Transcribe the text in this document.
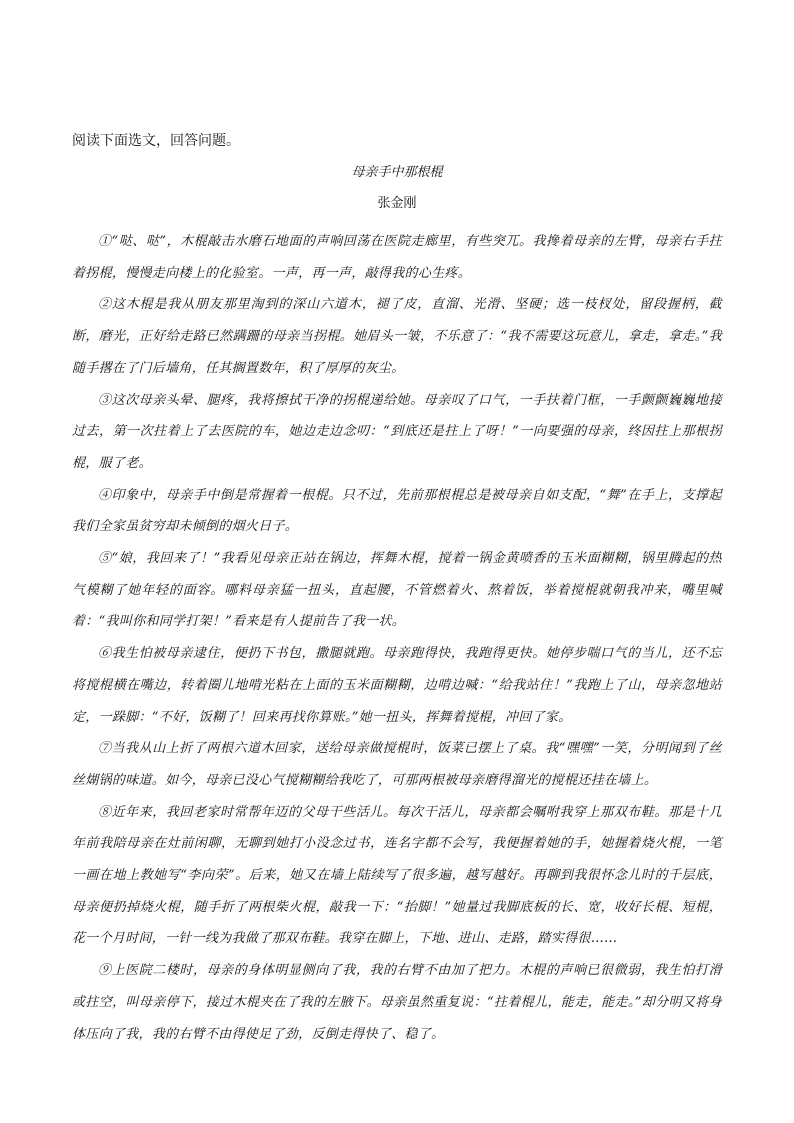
阅读下面选文，回答问题。
母亲手中那根棍
张金刚

①“哒、哒”，木棍敲击水磨石地面的声响回荡在医院走廊里，有些突兀。我搀着母亲的左臂，母亲右手拄着拐棍，慢慢走向楼上的化验室。一声，再一声，敲得我的心生疼。

②这木棍是我从朋友那里淘到的深山六道木，褪了皮，直溜、光滑、坚硬；选一枝杈处，留段握柄，截断，磨光，正好给走路已然蹒跚的母亲当拐棍。她眉头一皱，不乐意了：“我不需要这玩意儿，拿走，拿走。”我随手撂在了门后墙角，任其搁置数年，积了厚厚的灰尘。

③这次母亲头晕、腿疼，我将擦拭干净的拐棍递给她。母亲叹了口气，一手扶着门框，一手颤颤巍巍地接过去，第一次拄着上了去医院的车，她边走边念叨：“到底还是拄上了呀！”一向要强的母亲，终因拄上那根拐棍，服了老。

④印象中，母亲手中倒是常握着一根棍。只不过，先前那根棍总是被母亲自如支配，“舞”在手上，支撑起我们全家虽贫穷却未倾倒的烟火日子。

⑤“娘，我回来了！”我看见母亲正站在锅边，挥舞木棍，搅着一锅金黄喷香的玉米面糊糊，锅里腾起的热气模糊了她年轻的面容。哪料母亲猛一扭头，直起腰，不管燃着火、熬着饭，举着搅棍就朝我冲来，嘴里喊着：“我叫你和同学打架！”看来是有人提前告了我一状。

⑥我生怕被母亲逮住，便扔下书包，撒腿就跑。母亲跑得快，我跑得更快。她停步喘口气的当儿，还不忘将搅棍横在嘴边，转着圈儿地啃光粘在上面的玉米面糊糊，边啃边喊：“给我站住！”我跑上了山，母亲忽地站定，一跺脚：“不好，饭糊了！回来再找你算账。”她一扭头，挥舞着搅棍，冲回了家。

⑦当我从山上折了两根六道木回家，送给母亲做搅棍时，饭菜已摆上了桌。我“嘿嘿”一笑，分明闻到了丝丝煳锅的味道。如今，母亲已没心气搅糊糊给我吃了，可那两根被母亲磨得溜光的搅棍还挂在墙上。

⑧近年来，我回老家时常帮年迈的父母干些活儿。每次干活儿，母亲都会嘱咐我穿上那双布鞋。那是十几年前我陪母亲在灶前闲聊，无聊到她打小没念过书，连名字都不会写，我便握着她的手，她握着烧火棍，一笔一画在地上教她写“李向荣”。后来，她又在墙上陆续写了很多遍，越写越好。再聊到我很怀念儿时的千层底，母亲便扔掉烧火棍，随手折了两根柴火棍，敲我一下：“抬脚！”她量过我脚底板的长、宽，收好长棍、短棍，花一个月时间，一针一线为我做了那双布鞋。我穿在脚上，下地、进山、走路，踏实得很……

⑨上医院二楼时，母亲的身体明显侧向了我，我的右臂不由加了把力。木棍的声响已很微弱，我生怕打滑或拄空，叫母亲停下，接过木棍夹在了我的左腋下。母亲虽然重复说：“拄着棍儿，能走，能走。”却分明又将身体压向了我，我的右臂不由得使足了劲，反倒走得快了、稳了。
